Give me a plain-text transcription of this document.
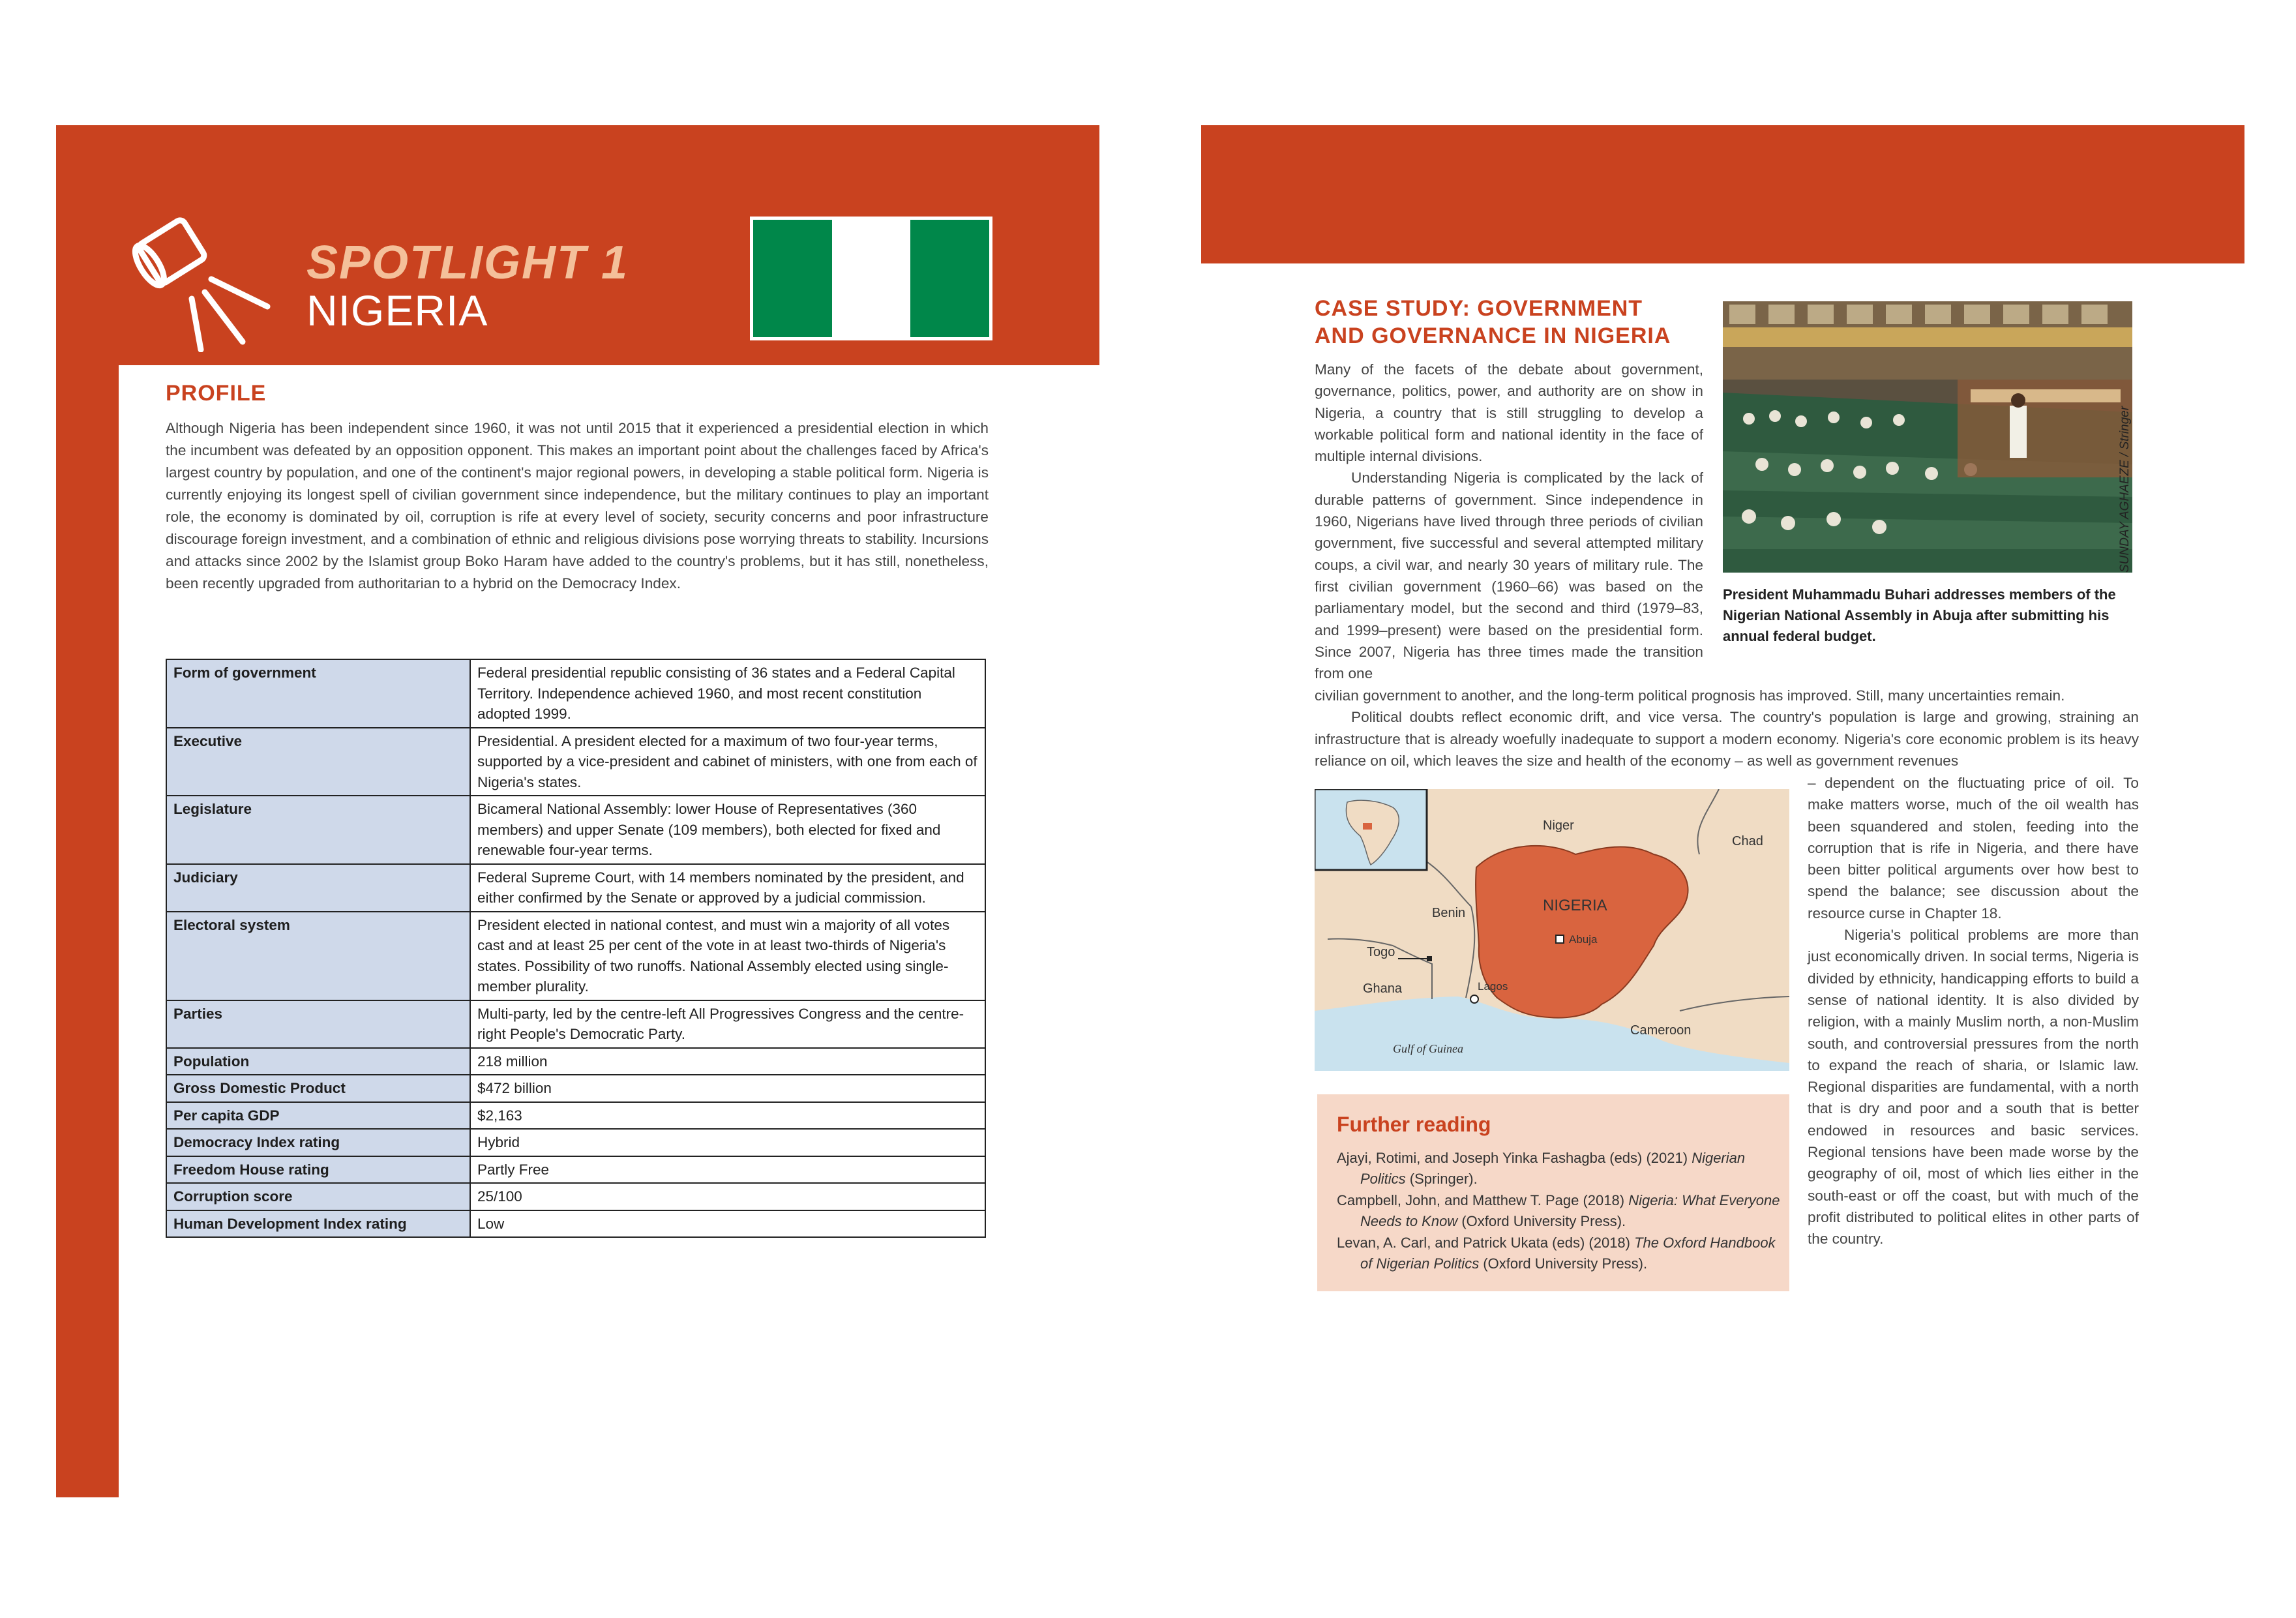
SPOTLIGHT 1
NIGERIA
PROFILE
Although Nigeria has been independent since 1960, it was not until 2015 that it experienced a presidential election in which the incumbent was defeated by an opposition opponent. This makes an important point about the challenges faced by Africa's largest country by population, and one of the continent's major regional powers, in developing a stable political form. Nigeria is currently enjoying its longest spell of civilian government since independence, but the military continues to play an important role, the economy is dominated by oil, corruption is rife at every level of society, security concerns and poor infrastructure discourage foreign investment, and a combination of ethnic and religious divisions pose worrying threats to stability. Incursions and attacks since 2002 by the Islamist group Boko Haram have added to the country's problems, but it has still, nonetheless, been recently upgraded from authoritarian to a hybrid on the Democracy Index.
Form of government	Federal presidential republic consisting of 36 states and a Federal Capital Territory. Independence achieved 1960, and most recent constitution adopted 1999.
Executive	Presidential. A president elected for a maximum of two four-year terms, supported by a vice-president and cabinet of ministers, with one from each of Nigeria's states.
Legislature	Bicameral National Assembly: lower House of Representatives (360 members) and upper Senate (109 members), both elected for fixed and renewable four-year terms.
Judiciary	Federal Supreme Court, with 14 members nominated by the president, and either confirmed by the Senate or approved by a judicial commission.
Electoral system	President elected in national contest, and must win a majority of all votes cast and at least 25 per cent of the vote in at least two-thirds of Nigeria's states. Possibility of two runoffs. National Assembly elected using single-member plurality.
Parties	Multi-party, led by the centre-left All Progressives Congress and the centre-right People's Democratic Party.
Population	218 million
Gross Domestic Product	$472 billion
Per capita GDP	$2,163
Democracy Index rating	Hybrid
Freedom House rating	Partly Free
Corruption score	25/100
Human Development Index rating	Low
CASE STUDY: GOVERNMENT
AND GOVERNANCE IN NIGERIA
Many of the facets of the debate about government, governance, politics, power, and authority are on show in Nigeria, a country that is still struggling to develop a workable political form and national identity in the face of multiple internal divisions.
Understanding Nigeria is complicated by the lack of durable patterns of government. Since independence in 1960, Nigerians have lived through three periods of civilian government, five successful and several attempted military coups, a civil war, and nearly 30 years of military rule. The first civilian government (1960–66) was based on the parliamentary model, but the second and third (1979–83, and 1999–present) were based on the presidential form. Since 2007, Nigeria has three times made the transition from one
civilian government to another, and the long-term political prognosis has improved. Still, many uncertainties remain.
Political doubts reflect economic drift, and vice versa. The country's population is large and growing, straining an infrastructure that is already woefully inadequate to support a modern economy. Nigeria's core economic problem is its heavy reliance on oil, which leaves the size and health of the economy – as well as government revenues
– dependent on the fluctuating price of oil. To make matters worse, much of the oil wealth has been squandered and stolen, feeding into the corruption that is rife in Nigeria, and there have been bitter political arguments over how best to spend the balance; see discussion about the resource curse in Chapter 18.
Nigeria's political problems are more than just economically driven. In social terms, Nigeria is divided by ethnicity, handicapping efforts to build a sense of national identity. It is also divided by religion, with a mainly Muslim north, a non-Muslim south, and controversial pressures from the north to expand the reach of sharia, or Islamic law. Regional disparities are fundamental, with a north that is dry and poor and a south that is better endowed in resources and basic services. Regional tensions have been made worse by the geography of oil, most of which lies either in the south-east or off the coast, but with much of the profit distributed to political elites in other parts of the country.
SUNDAY AGHAEZE / Stringer
President Muhammadu Buhari addresses members of the Nigerian National Assembly in Abuja after submitting his annual federal budget.
Niger
Chad
NIGERIA
Abuja
Benin
Togo
Ghana	Lagos
Cameroon
Gulf of Guinea
Further reading

Ajayi, Rotimi, and Joseph Yinka Fashagba (eds) (2021) Nigerian Politics (Springer).

Campbell, John, and Matthew T. Page (2018) Nigeria: What Everyone Needs to Know (Oxford University Press).

Levan, A. Carl, and Patrick Ukata (eds) (2018) The Oxford Handbook of Nigerian Politics (Oxford University Press).
